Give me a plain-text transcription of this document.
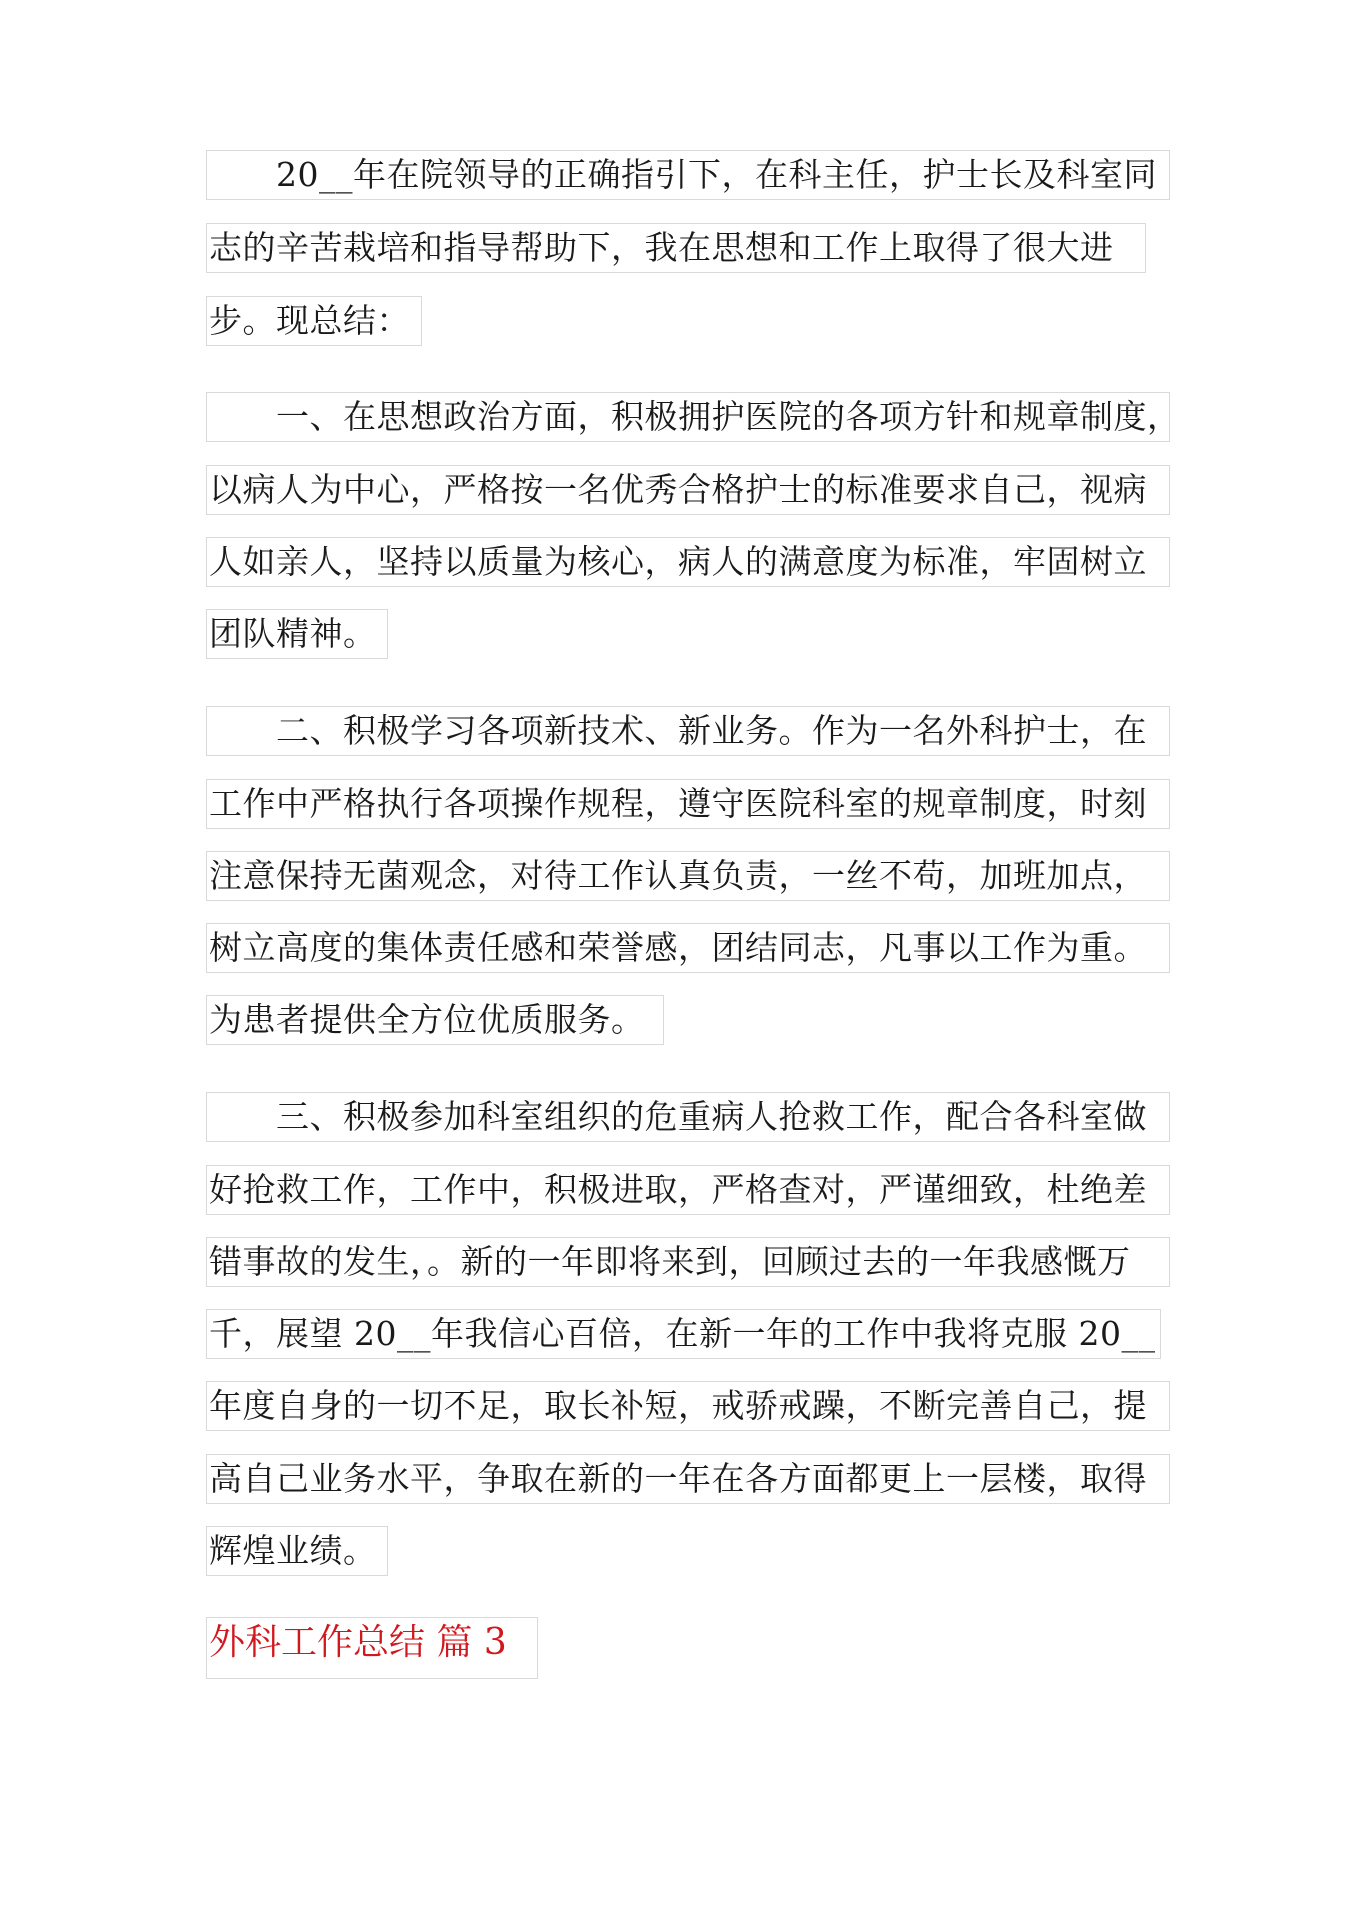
　　20__年在院领导的正确指引下，在科主任，护士长及科室同
志的辛苦栽培和指导帮助下，我在思想和工作上取得了很大进
步。现总结：
　　一、在思想政治方面，积极拥护医院的各项方针和规章制度，
以病人为中心，严格按一名优秀合格护士的标准要求自己，视病
人如亲人，坚持以质量为核心，病人的满意度为标准，牢固树立
团队精神。
　　二、积极学习各项新技术、新业务。作为一名外科护士，在
工作中严格执行各项操作规程，遵守医院科室的规章制度，时刻
注意保持无菌观念，对待工作认真负责，一丝不苟，加班加点，
树立高度的集体责任感和荣誉感，团结同志，凡事以工作为重。
为患者提供全方位优质服务。
　　三、积极参加科室组织的危重病人抢救工作，配合各科室做
好抢救工作，工作中，积极进取，严格查对，严谨细致，杜绝差
错事故的发生，。新的一年即将来到，回顾过去的一年我感慨万
千，展望 20__年我信心百倍，在新一年的工作中我将克服 20__
年度自身的一切不足，取长补短，戒骄戒躁，不断完善自己，提
高自己业务水平，争取在新的一年在各方面都更上一层楼，取得
辉煌业绩。
外科工作总结 篇 3
